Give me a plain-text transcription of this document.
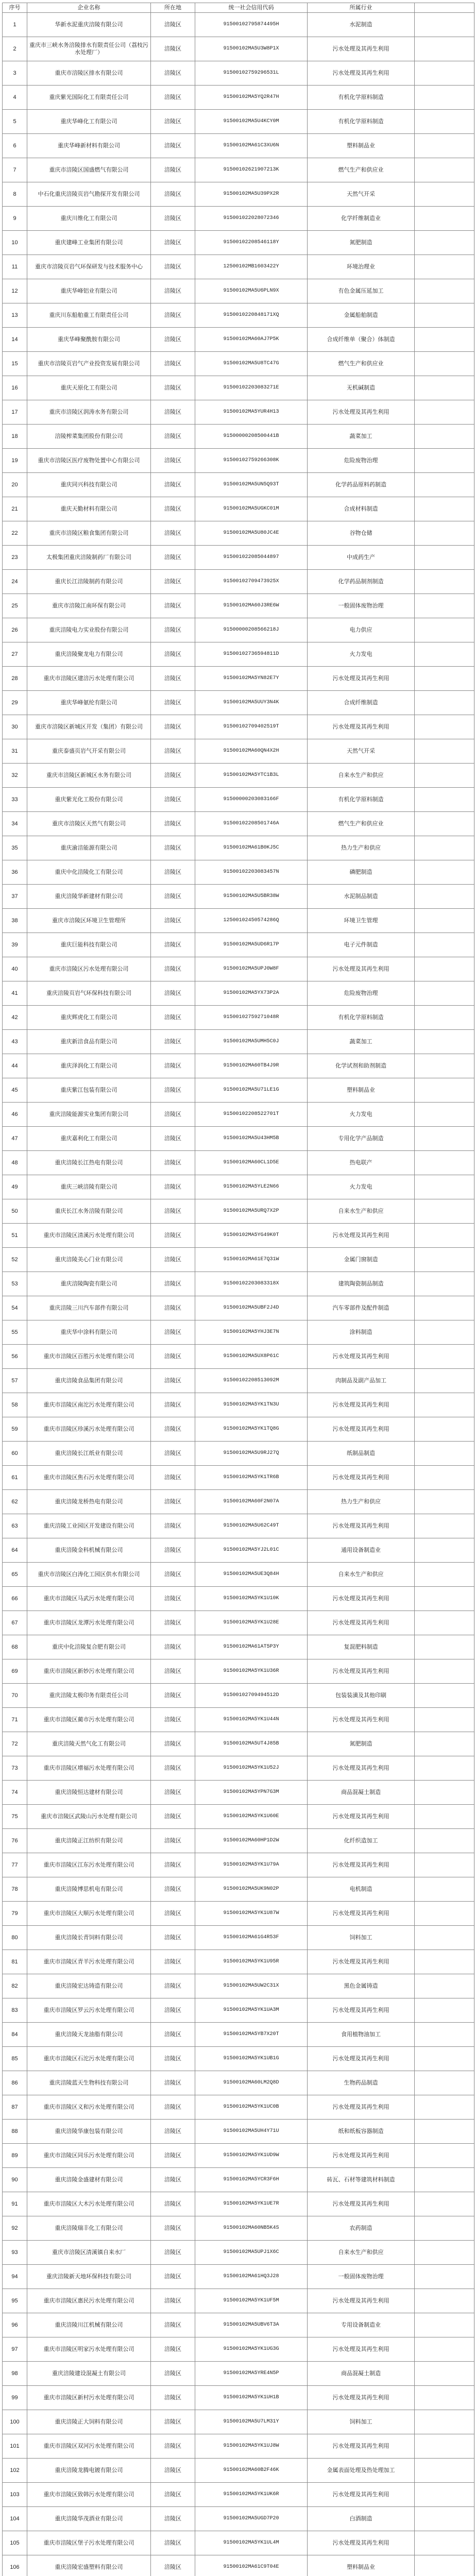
序号	企业名称	所在地	统一社会信用代码	所属行业	
1	华新水泥重庆涪陵有限公司	涪陵区	91500102795874495H	水泥制造	
2	重庆市三峡水务涪陵排水有限责任公司（荔枝污水处理厂）	涪陵区	91500102MA5U3W8P1X	污水处理及其再生利用	
3	重庆市涪陵区排水有限公司	涪陵区	91500102759296531L	污水处理及其再生利用	
4	重庆紫光国际化工有限责任公司	涪陵区	91500102MA5YQ2R47H	有机化学原料制造	
5	重庆华峰化工有限公司	涪陵区	91500102MA5U4KCY0M	有机化学原料制造	
6	重庆华峰新材料有限公司	涪陵区	91500102MA61C3XU6N	塑料制品业	
7	重庆市涪陵区国盛燃气有限公司	涪陵区	91500102621907213K	燃气生产和供应业	
8	中石化重庆涪陵页岩气勘探开发有限公司	涪陵区	91500102MA5U39PX2R	天然气开采	
9	重庆川维化工有限公司	涪陵区	915001022028072346	化学纤维制造业	
10	重庆建峰工业集团有限公司	涪陵区	91500102208546118Y	氮肥制造	
11	重庆市涪陵页岩气环保研发与技术服务中心	涪陵区	12500102MB1603422Y	环境治理业	
12	重庆华峰铝业有限公司	涪陵区	91500102MA5U6PLN9X	有色金属压延加工	
13	重庆川东船舶重工有限责任公司	涪陵区	9150010220848171XQ	金属船舶制造	
14	重庆华峰聚酰胺有限公司	涪陵区	91500102MA60AJ7P5K	合成纤维单（聚合）体制造	
15	重庆市涪陵页岩气产业投资发展有限公司	涪陵区	91500102MA5U8TC47G	燃气生产和供应业	
16	重庆天原化工有限公司	涪陵区	91500102203083271E	无机碱制造	
17	重庆市涪陵区润涛水务有限公司	涪陵区	91500102MA5YUR4H13	污水处理及其再生利用	
18	涪陵榨菜集团股份有限公司	涪陵区	91500000208500441B	蔬菜加工	
19	重庆市涪陵区医疗废物处置中心有限公司	涪陵区	91500102759266308K	危险废物治理	
20	重庆同兴科技有限公司	涪陵区	91500102MA5UN5Q93T	化学药品原料药制造	
21	重庆天勤材料有限公司	涪陵区	91500102MA5UGKC01M	合成材料制造	
22	重庆市涪陵区粮食集团有限公司	涪陵区	91500102MA5U80JC4E	谷物仓储	
23	太极集团重庆涪陵制药厂有限公司	涪陵区	915001022085044897	中成药生产	
24	重庆长江涪陵制药有限公司	涪陵区	91500102709473925X	化学药品制剂制造	
25	重庆市涪陵江南环保有限公司	涪陵区	91500102MA60J3RE6W	一般固体废物治理	
26	重庆涪陵电力实业股份有限公司	涪陵区	91500000208566218J	电力供应	
27	重庆涪陵聚龙电力有限公司	涪陵区	91500102736594811D	火力发电	
28	重庆市涪陵区建涪污水处理有限公司	涪陵区	91500102MA5YN82E7Y	污水处理及其再生利用	
29	重庆华峰氨纶有限公司	涪陵区	91500102MA5UUY3N4K	合成纤维制造	
30	重庆市涪陵区新城区开发（集团）有限公司	涪陵区	91500102709402519T	污水处理及其再生利用	
31	重庆泰盛页岩气开采有限公司	涪陵区	91500102MA60QN4X2H	天然气开采	
32	重庆市涪陵区新城区水务有限公司	涪陵区	91500102MA5YTC1B3L	自来水生产和供应	
33	重庆紫光化工股份有限公司	涪陵区	91500000203083166F	有机化学原料制造	
34	重庆市涪陵区天然气有限公司	涪陵区	91500102208501746A	燃气生产和供应业	
35	重庆渝涪能源有限公司	涪陵区	91500102MA61B0KJ5C	热力生产和供应	
36	重庆中化涪陵化工有限公司	涪陵区	91500102203083457N	磷肥制造	
37	重庆涪陵华新建材有限公司	涪陵区	91500102MA5U5BR38W	水泥制品制造	
38	重庆市涪陵区环境卫生管理所	涪陵区	12500102450574286Q	环境卫生管理	
39	重庆巨能科技有限公司	涪陵区	91500102MA5UD6R17P	电子元件制造	
40	重庆市涪陵区污水处理有限公司	涪陵区	91500102MA5UPJ0W8F	污水处理及其再生利用	
41	重庆涪陵页岩气环保科技有限公司	涪陵区	91500102MA5YX73P2A	危险废物治理	
42	重庆辉虎化工有限公司	涪陵区	91500102759271048R	有机化学原料制造	
43	重庆新涪食品有限公司	涪陵区	91500102MA5UMH5C0J	蔬菜加工	
44	重庆泽润化工有限公司	涪陵区	91500102MA60TB4J9R	化学试剂和助剂制造	
45	重庆紫江包装有限公司	涪陵区	91500102MA5U71LE1G	塑料制品业	
46	重庆涪陵能源实业集团有限公司	涪陵区	91500102208522701T	火力发电	
47	重庆嘉利化工有限公司	涪陵区	91500102MA5U43HM5B	专用化学产品制造	
48	重庆涪陵长江热电有限公司	涪陵区	91500102MA60CL1D5E	热电联产	
49	重庆三峡涪陵有限公司	涪陵区	91500102MA5YLE2N66	火力发电	
50	重庆长江水务涪陵有限公司	涪陵区	91500102MA5URQ7X2P	自来水生产和供应	
51	重庆市涪陵区清溪污水处理有限公司	涪陵区	91500102MA5YG49K0T	污水处理及其再生利用	
52	重庆涪陵美心门业有限公司	涪陵区	91500102MA61E7Q31W	金属门窗制造	
53	重庆涪陵陶瓷有限公司	涪陵区	91500102203083318X	建筑陶瓷制品制造	
54	重庆涪陵三川汽车部件有限公司	涪陵区	91500102MA5UBF2J4D	汽车零部件及配件制造	
55	重庆华中涂料有限公司	涪陵区	91500102MA5YHJ3E7N	涂料制造	
56	重庆市涪陵区百胜污水处理有限公司	涪陵区	91500102MA5UX8P61C	污水处理及其再生利用	
57	重庆涪陵食品集团有限公司	涪陵区	91500102208513092M	肉制品及副产品加工	
58	重庆市涪陵区南沱污水处理有限公司	涪陵区	91500102MA5YK1TN3U	污水处理及其再生利用	
59	重庆市涪陵区珍溪污水处理有限公司	涪陵区	91500102MA5YK1TQ8G	污水处理及其再生利用	
60	重庆涪陵长江纸业有限公司	涪陵区	91500102MA5U9RJ27Q	纸制品制造	
61	重庆市涪陵区焦石污水处理有限公司	涪陵区	91500102MA5YK1TR6B	污水处理及其再生利用	
62	重庆涪陵龙桥热电有限公司	涪陵区	91500102MA60F2N07A	热力生产和供应	
63	重庆涪陵工业园区开发建设有限公司	涪陵区	91500102MA5U62C49T	污水处理及其再生利用	
64	重庆涪陵金科机械有限公司	涪陵区	91500102MA5YJ2L01C	通用设备制造业	
65	重庆市涪陵区白涛化工园区供水有限公司	涪陵区	91500102MA5UE3Q84H	自来水生产和供应	
66	重庆市涪陵区马武污水处理有限公司	涪陵区	91500102MA5YK1U10K	污水处理及其再生利用	
67	重庆市涪陵区龙潭污水处理有限公司	涪陵区	91500102MA5YK1U28E	污水处理及其再生利用	
68	重庆中化涪陵复合肥有限公司	涪陵区	91500102MA61AT5P3Y	复混肥料制造	
69	重庆市涪陵区新妙污水处理有限公司	涪陵区	91500102MA5YK1U36R	污水处理及其再生利用	
70	重庆涪陵太极印务有限责任公司	涪陵区	91500102709494512D	包装装潢及其他印刷	
71	重庆市涪陵区蔺市污水处理有限公司	涪陵区	91500102MA5YK1U44N	污水处理及其再生利用	
72	重庆涪陵天然气化工有限公司	涪陵区	91500102MA5UT4J85B	氮肥制造	
73	重庆市涪陵区增福污水处理有限公司	涪陵区	91500102MA5YK1U52J	污水处理及其再生利用	
74	重庆涪陵恒达建材有限公司	涪陵区	91500102MA5YPN7G3M	商品混凝土制造	
75	重庆市涪陵区武陵山污水处理有限公司	涪陵区	91500102MA5YK1U60E	污水处理及其再生利用	
76	重庆涪陵正江纺织有限公司	涪陵区	91500102MA60HP1D2W	化纤织造加工	
77	重庆市涪陵区江东污水处理有限公司	涪陵区	91500102MA5YK1U79A	污水处理及其再生利用	
78	重庆涪陵博思机电有限公司	涪陵区	91500102MA5UK9N02P	电机制造	
79	重庆市涪陵区大顺污水处理有限公司	涪陵区	91500102MA5YK1U87W	污水处理及其再生利用	
80	重庆涪陵长青饲料有限公司	涪陵区	91500102MA61G4R53F	饲料加工	
81	重庆市涪陵区青羊污水处理有限公司	涪陵区	91500102MA5YK1U95R	污水处理及其再生利用	
82	重庆涪陵宏达铸造有限公司	涪陵区	91500102MA5UW2C31X	黑色金属铸造	
83	重庆市涪陵区罗云污水处理有限公司	涪陵区	91500102MA5YK1UA3M	污水处理及其再生利用	
84	重庆涪陵天龙油脂有限公司	涪陵区	91500102MA5YB7X20T	食用植物油加工	
85	重庆市涪陵区石沱污水处理有限公司	涪陵区	91500102MA5YK1UB1G	污水处理及其再生利用	
86	重庆涪陵蓝天生物科技有限公司	涪陵区	91500102MA60LM2Q8D	生物药品制造	
87	重庆市涪陵区义和污水处理有限公司	涪陵区	91500102MA5YK1UC0B	污水处理及其再生利用	
88	重庆涪陵华康包装有限公司	涪陵区	91500102MA5UH4Y71U	纸和纸板容器制造	
89	重庆市涪陵区同乐污水处理有限公司	涪陵区	91500102MA5YK1UD9W	污水处理及其再生利用	
90	重庆涪陵金盛建材有限公司	涪陵区	91500102MA5YCR3F6H	砖瓦、石材等建筑材料制造	
91	重庆市涪陵区大木污水处理有限公司	涪陵区	91500102MA5YK1UE7R	污水处理及其再生利用	
92	重庆涪陵瑞丰化工有限公司	涪陵区	91500102MA60NB5K4S	农药制造	
93	重庆市涪陵区清溪镇自来水厂	涪陵区	91500102MA5UPJ1X6C	自来水生产和供应	
94	重庆涪陵新天地环保科技有限公司	涪陵区	91500102MA61HQ3J28	一般固体废物治理	
95	重庆市涪陵区惠民污水处理有限公司	涪陵区	91500102MA5YK1UF5M	污水处理及其再生利用	
96	重庆涪陵川江机械有限公司	涪陵区	91500102MA5UBV6T3A	专用设备制造业	
97	重庆市涪陵区明家污水处理有限公司	涪陵区	91500102MA5YK1UG3G	污水处理及其再生利用	
98	重庆涪陵建设混凝土有限公司	涪陵区	91500102MA5YRE4N5P	商品混凝土制造	
99	重庆市涪陵区新村污水处理有限公司	涪陵区	91500102MA5YK1UH1B	污水处理及其再生利用	
100	重庆涪陵正大饲料有限公司	涪陵区	91500102MA5U7LM31Y	饲料加工	
101	重庆市涪陵区双河污水处理有限公司	涪陵区	91500102MA5YK1UJ8W	污水处理及其再生利用	
102	重庆涪陵龙腾电镀有限公司	涪陵区	91500102MA60B2F46K	金属表面处理及热处理加工	
103	重庆市涪陵区致韩污水处理有限公司	涪陵区	91500102MA5YK1UK6R	污水处理及其再生利用	
104	重庆涪陵华茂酒业有限公司	涪陵区	91500102MA5UGD7P20	白酒制造	
105	重庆市涪陵区堡子污水处理有限公司	涪陵区	91500102MA5YK1UL4M	污水处理及其再生利用	
106	重庆涪陵宏盛塑料有限公司	涪陵区	91500102MA61C9T04E	塑料制品业	
